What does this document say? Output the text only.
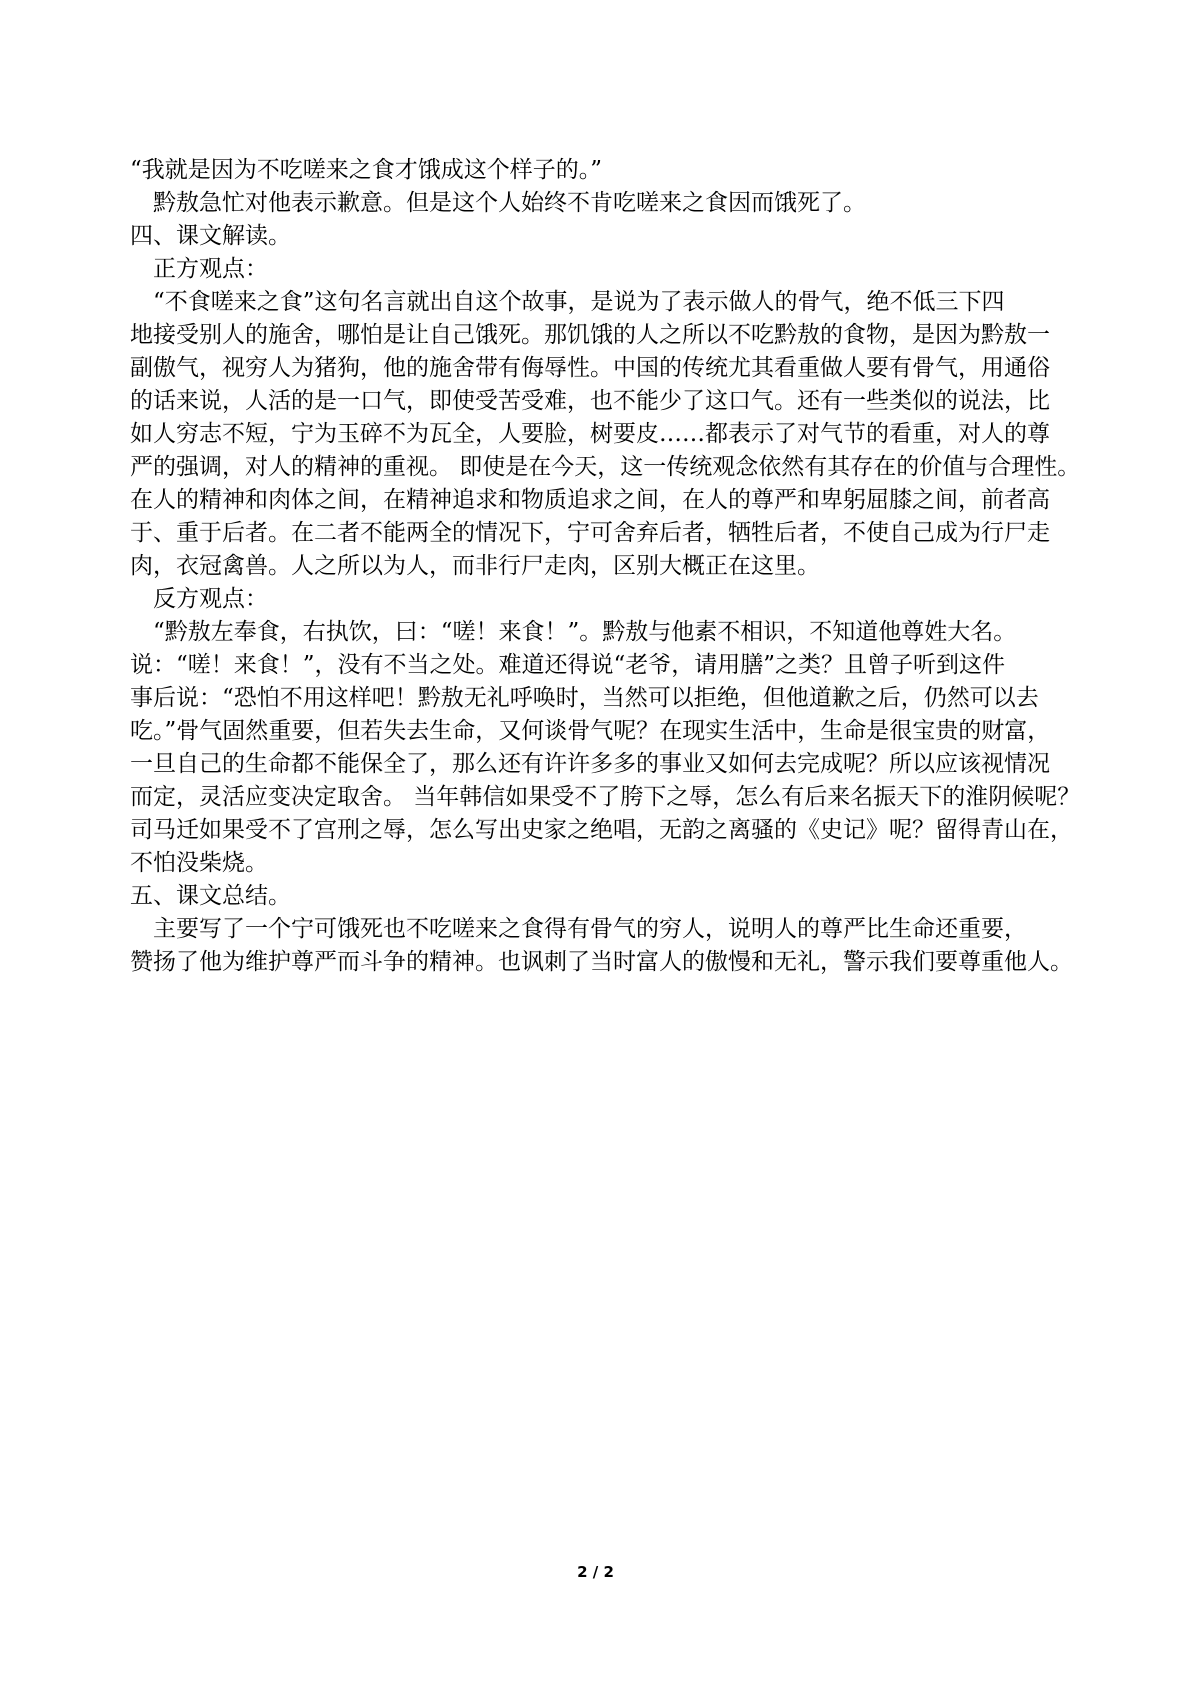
“我就是因为不吃嗟来之食才饿成这个样子的。”

黔敖急忙对他表示歉意。但是这个人始终不肯吃嗟来之食因而饿死了。

四、课文解读。

正方观点：

“不食嗟来之食”这句名言就出自这个故事，是说为了表示做人的骨气，绝不低三下四

地接受别人的施舍，哪怕是让自己饿死。那饥饿的人之所以不吃黔敖的食物，是因为黔敖一

副傲气，视穷人为猪狗，他的施舍带有侮辱性。中国的传统尤其看重做人要有骨气，用通俗

的话来说，人活的是一口气，即使受苦受难，也不能少了这口气。还有一些类似的说法，比

如人穷志不短，宁为玉碎不为瓦全，人要脸，树要皮……都表示了对气节的看重，对人的尊

严的强调，对人的精神的重视。 即使是在今天，这一传统观念依然有其存在的价值与合理性。

在人的精神和肉体之间，在精神追求和物质追求之间，在人的尊严和卑躬屈膝之间，前者高

于、重于后者。在二者不能两全的情况下，宁可舍弃后者，牺牲后者，不使自己成为行尸走

肉，衣冠禽兽。人之所以为人，而非行尸走肉，区别大概正在这里。

反方观点：

“黔敖左奉食，右执饮，曰：“嗟！来食！”。黔敖与他素不相识，不知道他尊姓大名。

说：“嗟！来食！”，没有不当之处。难道还得说“老爷，请用膳”之类？且曾子听到这件

事后说：“恐怕不用这样吧！黔敖无礼呼唤时，当然可以拒绝，但他道歉之后，仍然可以去

吃。”骨气固然重要，但若失去生命，又何谈骨气呢？在现实生活中，生命是很宝贵的财富，

一旦自己的生命都不能保全了，那么还有许许多多的事业又如何去完成呢？所以应该视情况

而定，灵活应变决定取舍。 当年韩信如果受不了胯下之辱，怎么有后来名振天下的淮阴候呢？

司马迁如果受不了宫刑之辱，怎么写出史家之绝唱，无韵之离骚的《史记》呢？留得青山在，

不怕没柴烧。

五、课文总结。

主要写了一个宁可饿死也不吃嗟来之食得有骨气的穷人，说明人的尊严比生命还重要，

赞扬了他为维护尊严而斗争的精神。也讽刺了当时富人的傲慢和无礼，警示我们要尊重他人。

2 / 2
